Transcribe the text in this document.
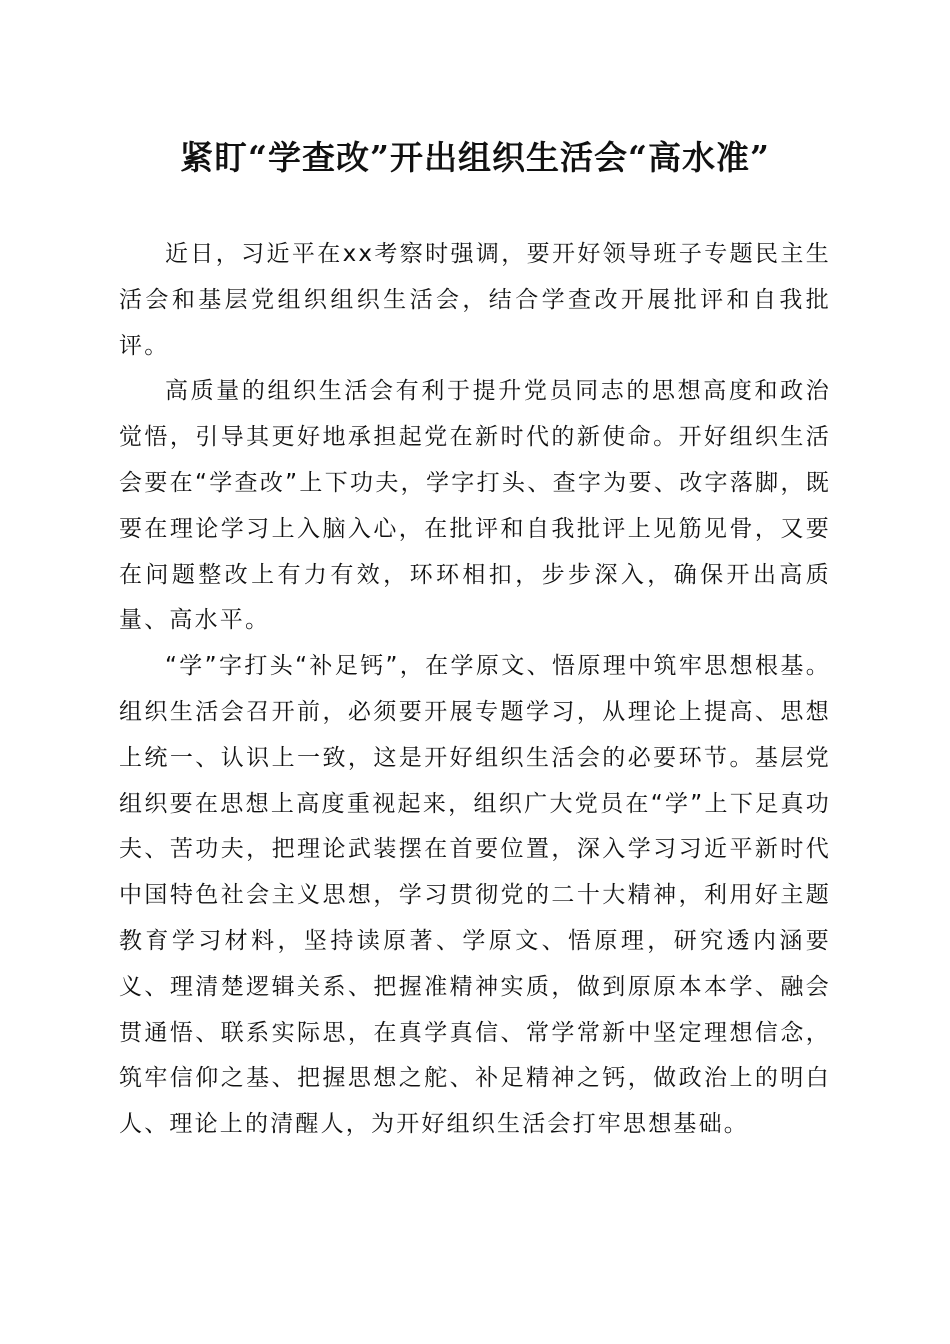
紧盯“学查改”开出组织生活会“高水准”

近日，习近平在xx考察时强调，要开好领导班子专题民主生活会和基层党组织组织生活会，结合学查改开展批评和自我批评。

高质量的组织生活会有利于提升党员同志的思想高度和政治觉悟，引导其更好地承担起党在新时代的新使命。开好组织生活会要在“学查改”上下功夫，学字打头、查字为要、改字落脚，既要在理论学习上入脑入心，在批评和自我批评上见筋见骨，又要在问题整改上有力有效，环环相扣，步步深入，确保开出高质量、高水平。

“学”字打头“补足钙”，在学原文、悟原理中筑牢思想根基。组织生活会召开前，必须要开展专题学习，从理论上提高、思想上统一、认识上一致，这是开好组织生活会的必要环节。基层党组织要在思想上高度重视起来，组织广大党员在“学”上下足真功夫、苦功夫，把理论武装摆在首要位置，深入学习习近平新时代中国特色社会主义思想，学习贯彻党的二十大精神，利用好主题教育学习材料，坚持读原著、学原文、悟原理，研究透内涵要义、理清楚逻辑关系、把握准精神实质，做到原原本本学、融会贯通悟、联系实际思，在真学真信、常学常新中坚定理想信念，筑牢信仰之基、把握思想之舵、补足精神之钙，做政治上的明白人、理论上的清醒人，为开好组织生活会打牢思想基础。
